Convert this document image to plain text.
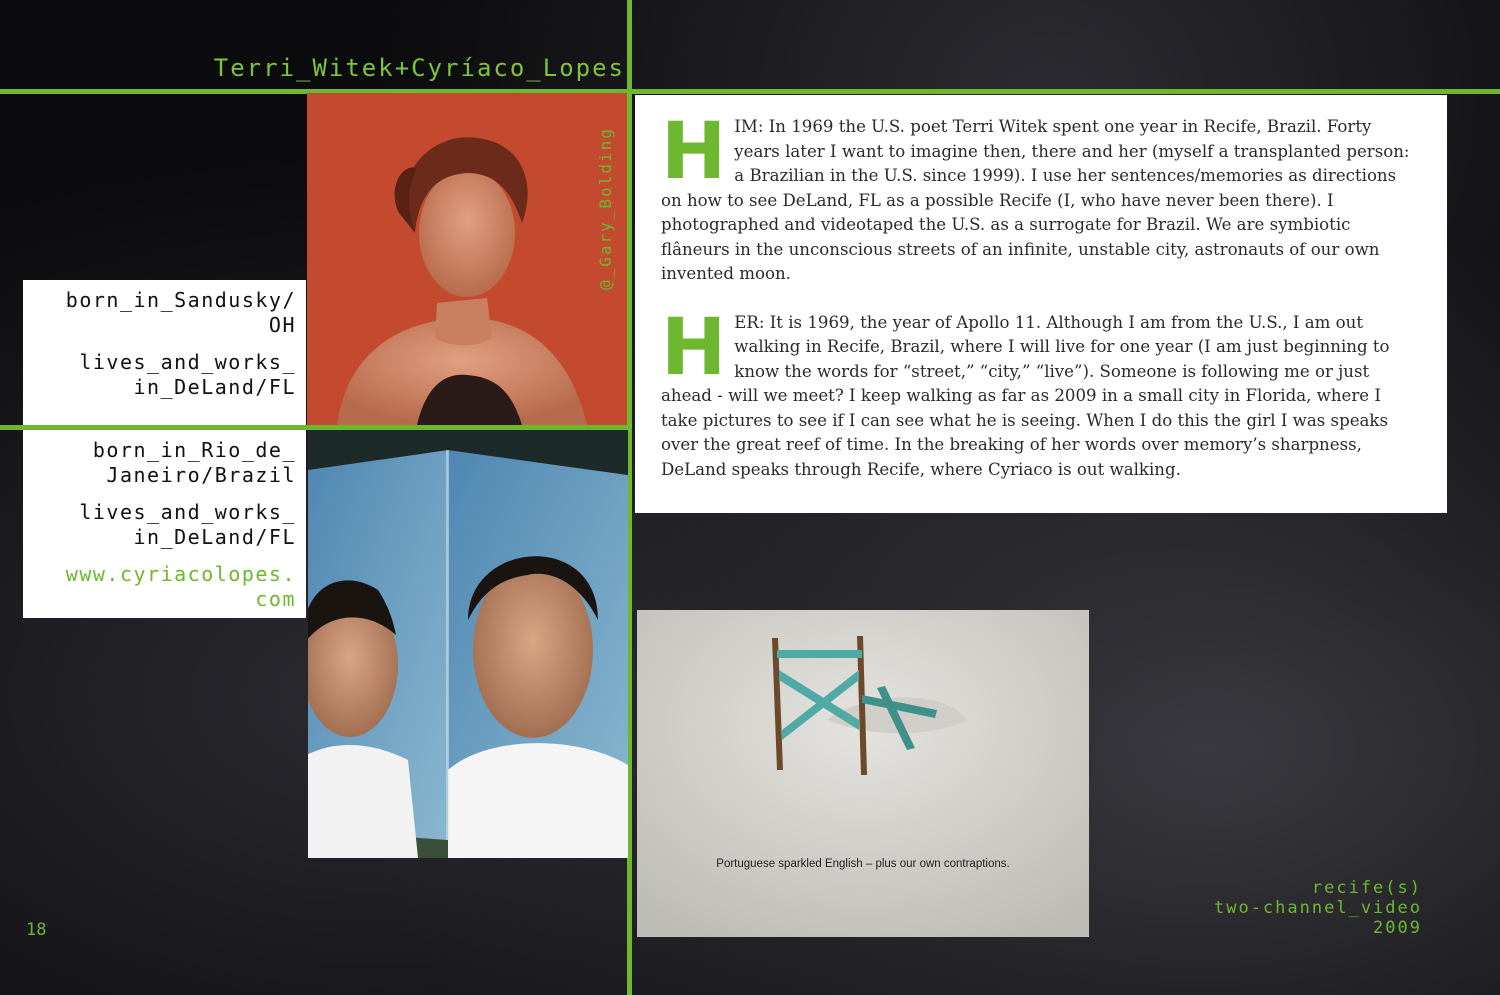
Terri_Witek+Cyríaco_Lopes

born_in_Sandusky/
OH

lives_and_works_
in_DeLand/FL

born_in_Rio_de_
Janeiro/Brazil

lives_and_works_
in_DeLand/FL

www.cyriacolopes.
com

H IM: In 1969 the U.S. poet Terri Witek spent one year in Recife, Brazil. Forty years later I want to imagine then, there and her (myself a transplanted person: a Brazilian in the U.S. since 1999). I use her sentences/memories as directions on how to see DeLand, FL as a possible Recife (I, who have never been there). I photographed and videotaped the U.S. as a surrogate for Brazil. We are symbiotic flâneurs in the unconscious streets of an infinite, unstable city, astronauts of our own invented moon.

H ER: It is 1969, the year of Apollo 11. Although I am from the U.S., I am out walking in Recife, Brazil, where I will live for one year (I am just beginning to know the words for “street,” “city,” “live”). Someone is following me or just ahead - will we meet? I keep walking as far as 2009 in a small city in Florida, where I take pictures to see if I can see what he is seeing. When I do this the girl I was speaks over the great reef of time. In the breaking of her words over memory’s sharpness, DeLand speaks through Recife, where Cyriaco is out walking.

Portuguese sparkled English – plus our own contraptions.
recife(s)
two-channel_video
2009
18
